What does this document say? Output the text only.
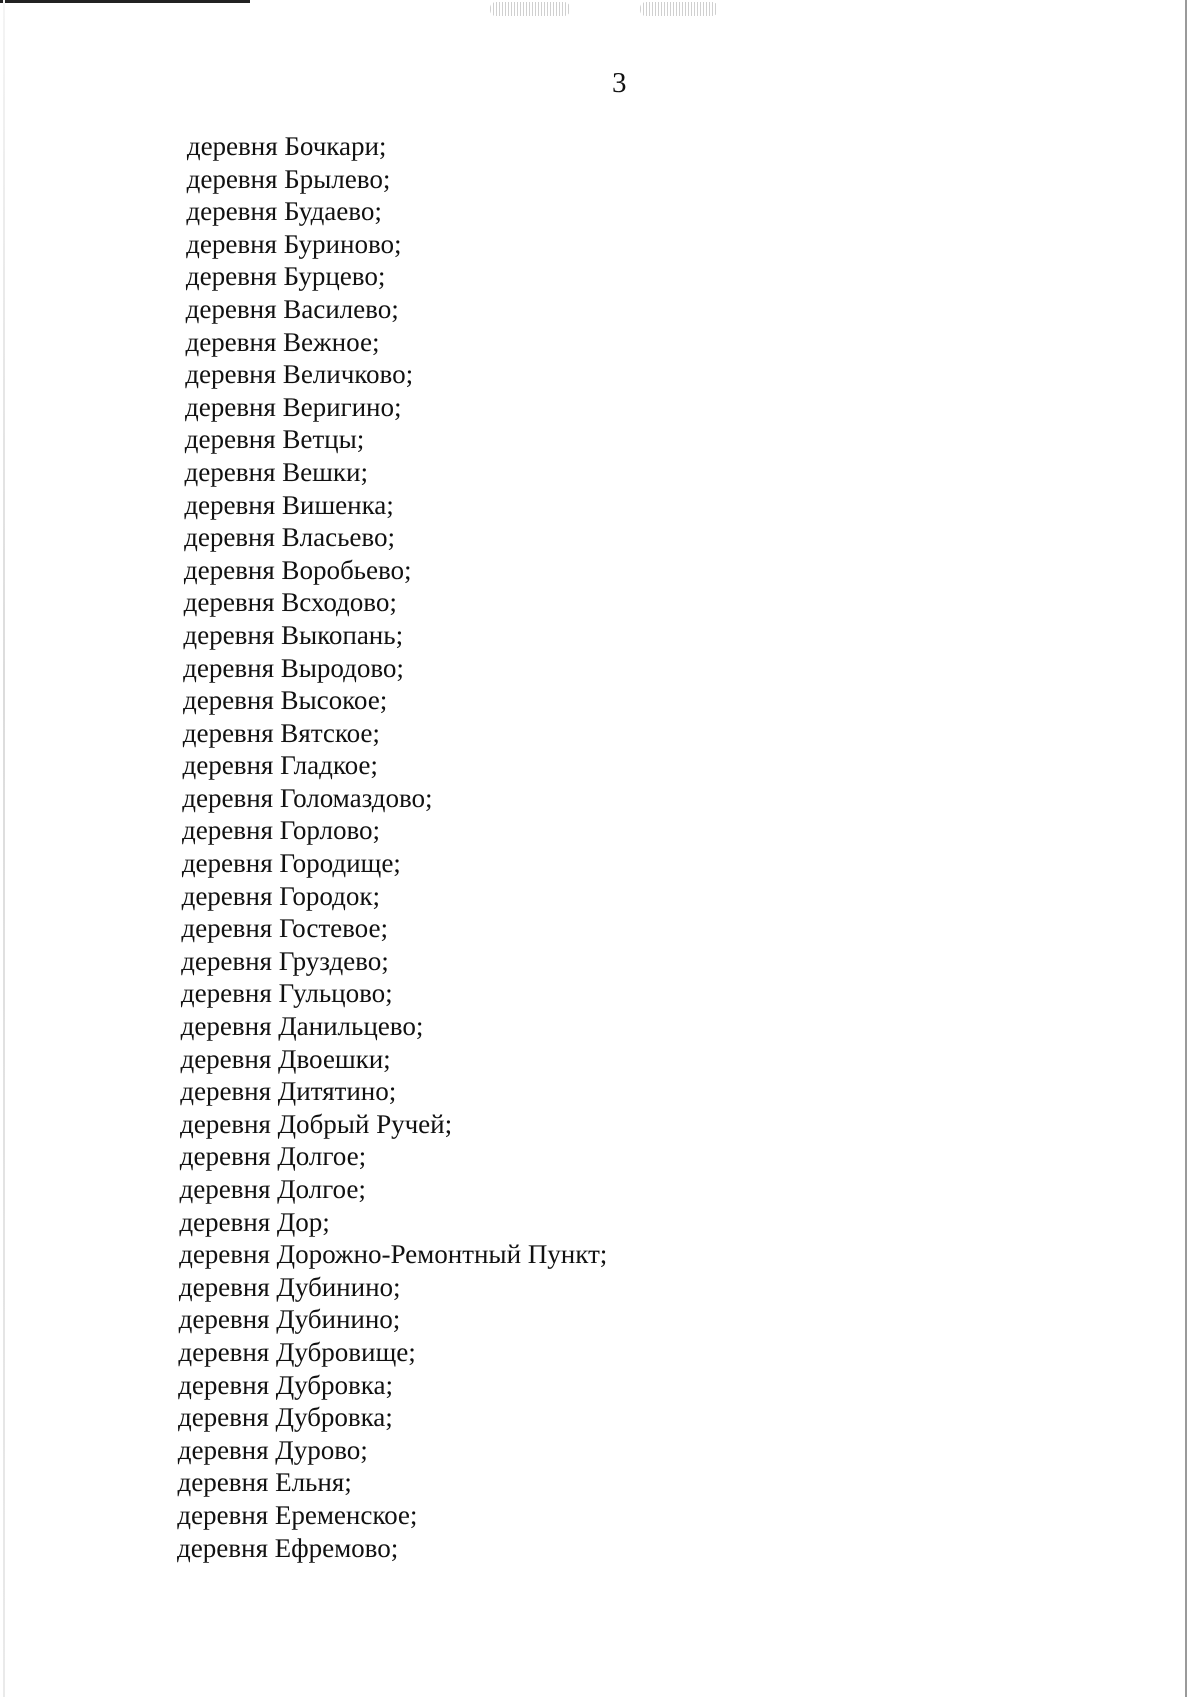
3
деревня Бочкари;
деревня Брылево;
деревня Будаево;
деревня Буриново;
деревня Бурцево;
деревня Василево;
деревня Вежное;
деревня Величково;
деревня Веригино;
деревня Ветцы;
деревня Вешки;
деревня Вишенка;
деревня Власьево;
деревня Воробьево;
деревня Всходово;
деревня Выкопань;
деревня Выродово;
деревня Высокое;
деревня Вятское;
деревня Гладкое;
деревня Голомаздово;
деревня Горлово;
деревня Городище;
деревня Городок;
деревня Гостевое;
деревня Груздево;
деревня Гульцово;
деревня Данильцево;
деревня Двоешки;
деревня Дитятино;
деревня Добрый Ручей;
деревня Долгое;
деревня Долгое;
деревня Дор;
деревня Дорожно-Ремонтный Пункт;
деревня Дубинино;
деревня Дубинино;
деревня Дубровище;
деревня Дубровка;
деревня Дубровка;
деревня Дурово;
деревня Ельня;
деревня Еременское;
деревня Ефремово;
